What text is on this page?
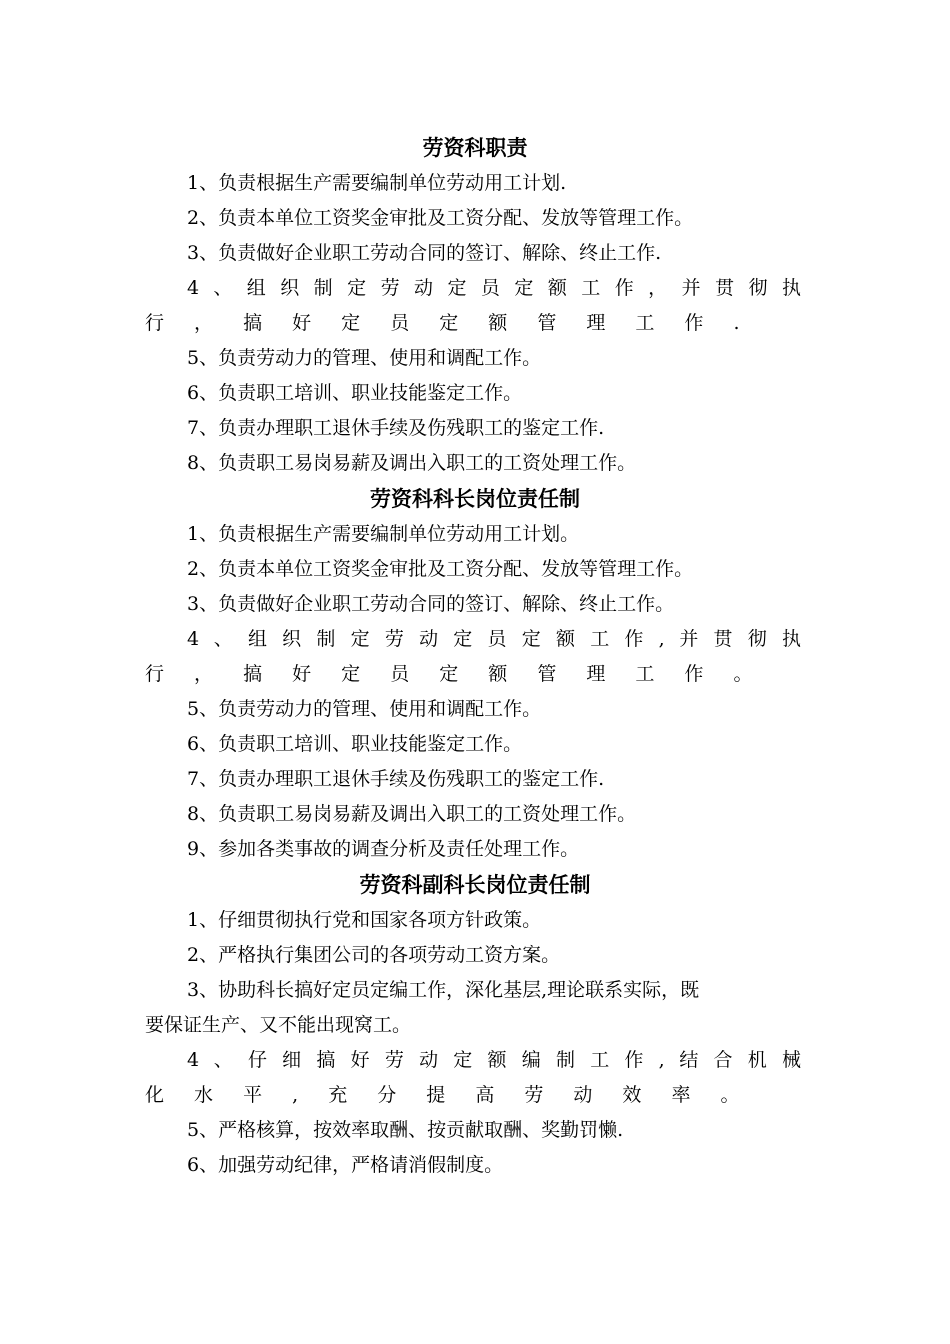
劳资科职责

1、负责根据生产需要编制单位劳动用工计划.

2、负责本单位工资奖金审批及工资分配、发放等管理工作。

3、负责做好企业职工劳动合同的签订、解除、终止工作.

4 、 组 织 制 定 劳 动 定 员 定 额 工 作 ， 并 贯 彻 执
行 ， 搞 好 定 员 定 额 管 理 工 作 .

5、负责劳动力的管理、使用和调配工作。

6、负责职工培训、职业技能鉴定工作。

7、负责办理职工退休手续及伤残职工的鉴定工作.

8、负责职工易岗易薪及调出入职工的工资处理工作。

劳资科科长岗位责任制

1、负责根据生产需要编制单位劳动用工计划。

2、负责本单位工资奖金审批及工资分配、发放等管理工作。

3、负责做好企业职工劳动合同的签订、解除、终止工作。

4 、 组 织 制 定 劳 动 定 员 定 额 工 作 , 并 贯 彻 执
行 ， 搞 好 定 员 定 额 管 理 工 作 。

5、负责劳动力的管理、使用和调配工作。

6、负责职工培训、职业技能鉴定工作。

7、负责办理职工退休手续及伤残职工的鉴定工作.

8、负责职工易岗易薪及调出入职工的工资处理工作。

9、参加各类事故的调查分析及责任处理工作。

劳资科副科长岗位责任制

1、仔细贯彻执行党和国家各项方针政策。

2、严格执行集团公司的各项劳动工资方案。

3、协助科长搞好定员定编工作，深化基层,理论联系实际，既
要保证生产、又不能出现窝工。

4 、 仔 细 搞 好 劳 动 定 额 编 制 工 作 , 结 合 机 械
化 水 平 , 充 分 提 高 劳 动 效 率 。

5、严格核算，按效率取酬、按贡献取酬、奖勤罚懒.

6、加强劳动纪律，严格请消假制度。
